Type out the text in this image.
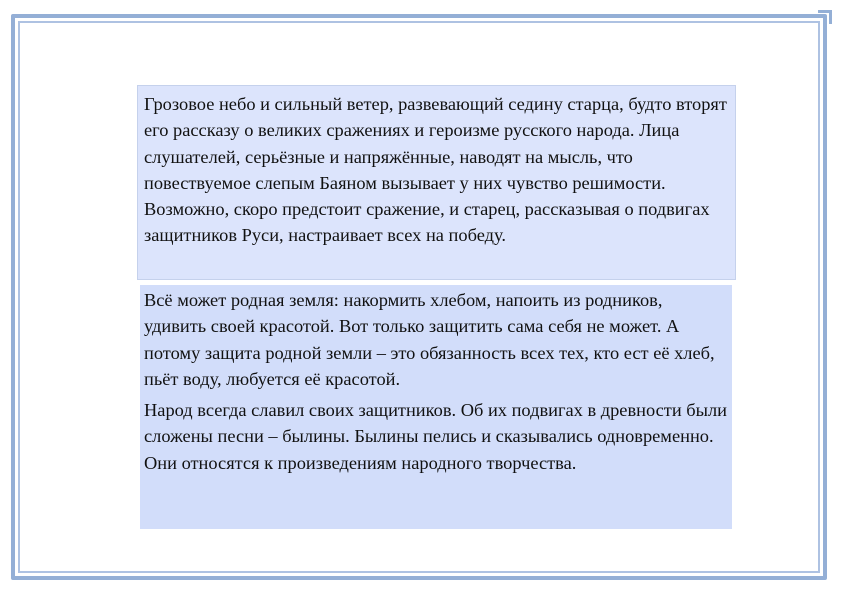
Грозовое небо и сильный ветер, развевающий седину старца, будто вторят его рассказу о великих сражениях и героизме русского народа. Лица слушателей, серьёзные и напряжённые, наводят на мысль, что повествуемое слепым Баяном вызывает у них чувство решимости. Возможно, скоро предстоит сражение, и старец, рассказывая о подвигах защитников Руси, настраивает всех на победу.

Всё может родная земля: накормить хлебом, напоить из родников, удивить своей красотой. Вот только защитить сама себя не может. А потому защита родной земли – это обязанность всех тех, кто ест её хлеб, пьёт воду, любуется её красотой.

Народ всегда славил своих защитников. Об их подвигах в древности были сложены песни – былины. Былины пелись и сказывались одновременно. Они относятся к произведениям народного творчества.
